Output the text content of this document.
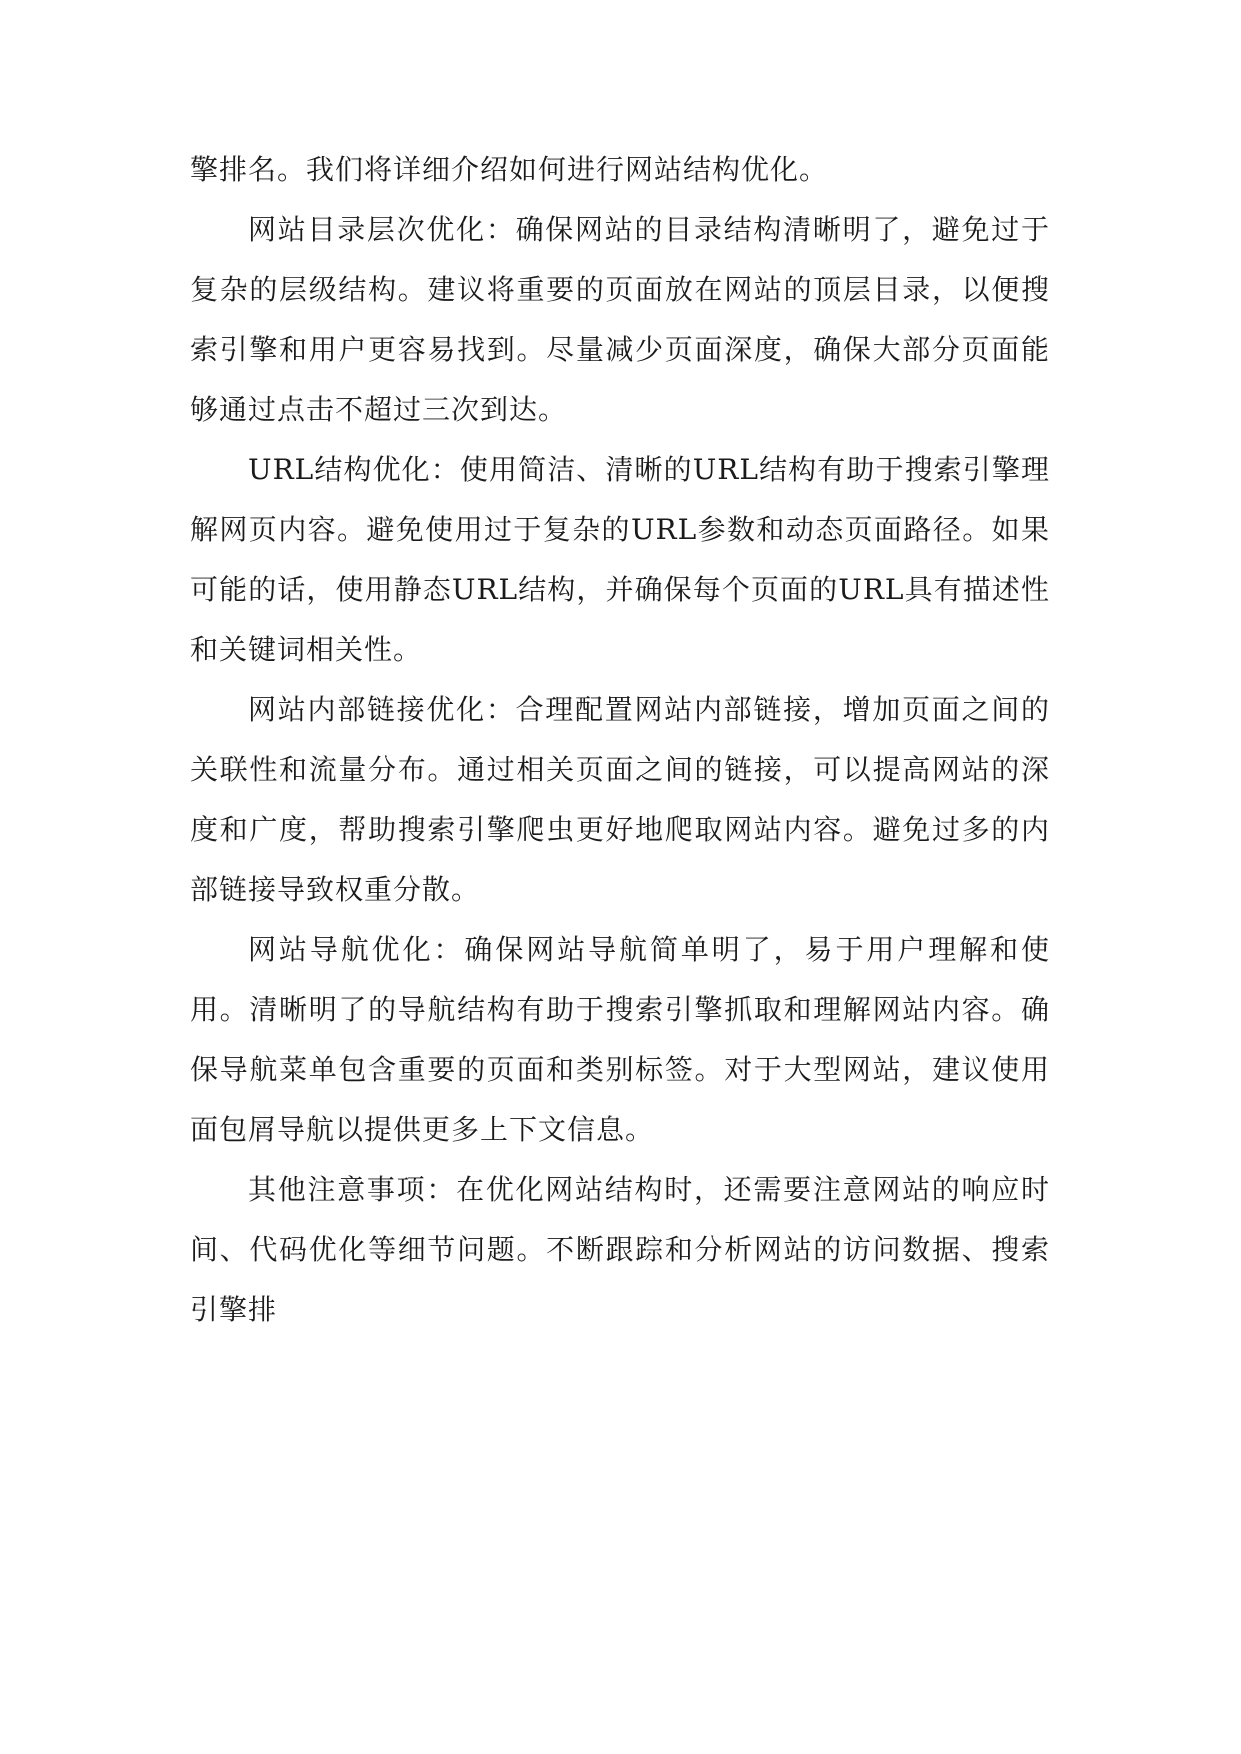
擎排名。我们将详细介绍如何进行网站结构优化。

网站目录层次优化：确保网站的目录结构清晰明了，避免过于复杂的层级结构。建议将重要的页面放在网站的顶层目录，以便搜索引擎和用户更容易找到。尽量减少页面深度，确保大部分页面能够通过点击不超过三次到达。

URL结构优化：使用简洁、清晰的URL结构有助于搜索引擎理解网页内容。避免使用过于复杂的URL参数和动态页面路径。如果可能的话，使用静态URL结构，并确保每个页面的URL具有描述性和关键词相关性。

网站内部链接优化：合理配置网站内部链接，增加页面之间的关联性和流量分布。通过相关页面之间的链接，可以提高网站的深度和广度，帮助搜索引擎爬虫更好地爬取网站内容。避免过多的内部链接导致权重分散。

网站导航优化：确保网站导航简单明了，易于用户理解和使用。清晰明了的导航结构有助于搜索引擎抓取和理解网站内容。确保导航菜单包含重要的页面和类别标签。对于大型网站，建议使用面包屑导航以提供更多上下文信息。

其他注意事项：在优化网站结构时，还需要注意网站的响应时间、代码优化等细节问题。不断跟踪和分析网站的访问数据、搜索引擎排
